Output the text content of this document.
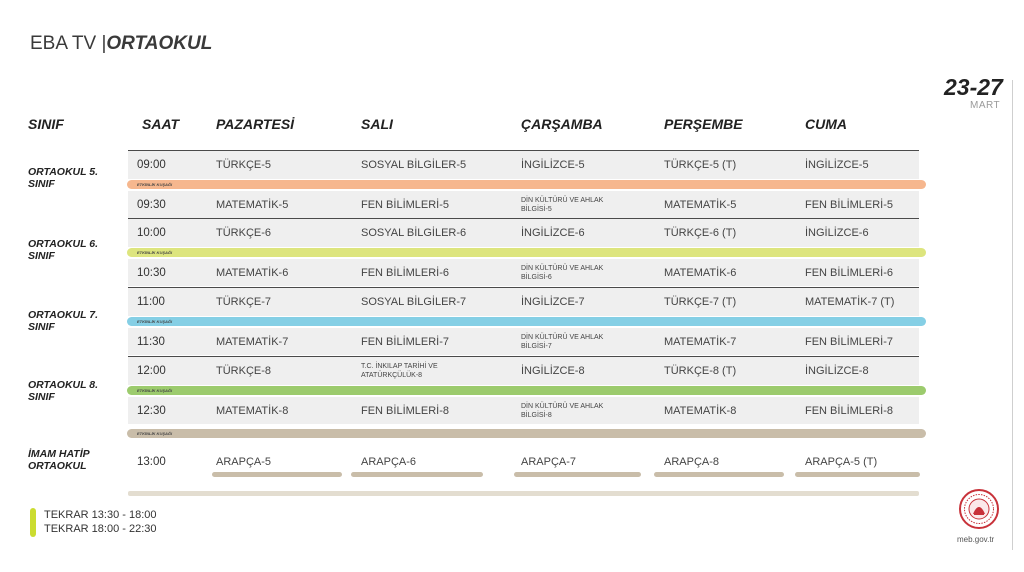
EBA TV |ORTAOKUL
23-27
MART
SINIF	SAAT	PAZARTESİ	SALI	ÇARŞAMBA	PERŞEMBE	CUMA
ORTAOKUL 5. SINIF	ETKİNLİK KUŞAĞI
09:00	TÜRKÇE-5	SOSYAL BİLGİLER-5	İNGİLİZCE-5	TÜRKÇE-5 (T)	İNGİLİZCE-5
09:30	MATEMATİK-5	FEN BİLİMLERİ-5	DİN KÜLTÜRÜ VE AHLAK BİLGİSİ-5	MATEMATİK-5	FEN BİLİMLERİ-5
ORTAOKUL 6. SINIF	ETKİNLİK KUŞAĞI
10:00	TÜRKÇE-6	SOSYAL BİLGİLER-6	İNGİLİZCE-6	TÜRKÇE-6 (T)	İNGİLİZCE-6
10:30	MATEMATİK-6	FEN BİLİMLERİ-6	DİN KÜLTÜRÜ VE AHLAK BİLGİSİ-6	MATEMATİK-6	FEN BİLİMLERİ-6
ORTAOKUL 7. SINIF	ETKİNLİK KUŞAĞI
11:00	TÜRKÇE-7	SOSYAL BİLGİLER-7	İNGİLİZCE-7	TÜRKÇE-7 (T)	MATEMATİK-7 (T)
11:30	MATEMATİK-7	FEN BİLİMLERİ-7	DİN KÜLTÜRÜ VE AHLAK BİLGİSİ-7	MATEMATİK-7	FEN BİLİMLERİ-7
ORTAOKUL 8. SINIF
ETKİNLİK KUŞAĞI
12:00	TÜRKÇE-8	T.C. İNKILAP TARİHİ VE ATATÜRKÇÜLÜK-8	İNGİLİZCE-8	TÜRKÇE-8 (T)	İNGİLİZCE-8
12:30	MATEMATİK-8	FEN BİLİMLERİ-8	DİN KÜLTÜRÜ VE AHLAK BİLGİSİ-8	MATEMATİK-8	FEN BİLİMLERİ-8
ETKİNLİK KUŞAĞI
İMAM HATİP ORTAOKUL	13:00	ARAPÇA-5	ARAPÇA-6	ARAPÇA-7	ARAPÇA-8	ARAPÇA-5 (T)
TEKRAR 13:30 - 18:00
TEKRAR 18:00 - 22:30
meb.gov.tr
